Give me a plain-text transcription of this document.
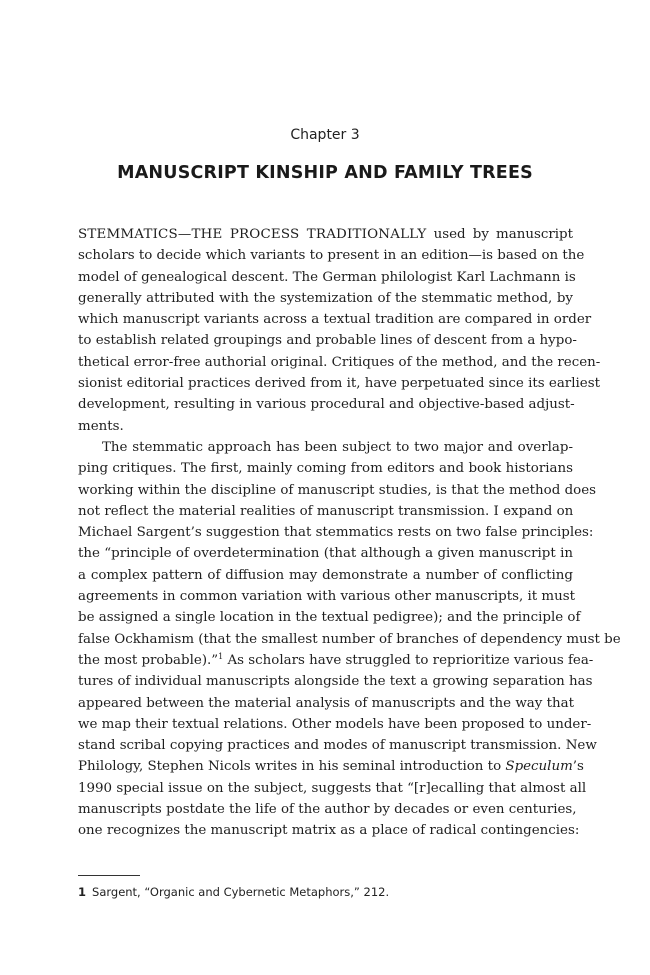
Chapter 3
MANUSCRIPT KINSHIP AND FAMILY TREES
STEMMATICS—THE PROCESS TRADITIONALLY used by manuscript
scholars to decide which variants to present in an edition—is based on the
model of genealogical descent. The German philologist Karl Lachmann is
generally attributed with the systemization of the stemmatic method, by
which manuscript variants across a textual tradition are compared in order
to establish related groupings and probable lines of descent from a hypo-
thetical error-free authorial original. Critiques of the method, and the recen-
sionist editorial practices derived from it, have perpetuated since its earliest
development, resulting in various procedural and objective-based adjust-
ments.
The stemmatic approach has been subject to two major and overlap-
ping critiques. The first, mainly coming from editors and book historians
working within the discipline of manuscript studies, is that the method does
not reflect the material realities of manuscript transmission. I expand on
Michael Sargent’s suggestion that stemmatics rests on two false principles:
the “principle of overdetermination (that although a given manuscript in
a complex pattern of diffusion may demonstrate a number of conflicting
agreements in common variation with various other manuscripts, it must
be assigned a single location in the textual pedigree); and the principle of
false Ockhamism (that the smallest number of branches of dependency must be
the most probable).”$^1$ As scholars have struggled to reprioritize various fea-
tures of individual manuscripts alongside the text a growing separation has
appeared between the material analysis of manuscripts and the way that
we map their textual relations. Other models have been proposed to under-
stand scribal copying practices and modes of manuscript transmission. New
Philology, Stephen Nicols writes in his seminal introduction to Speculum’s
1990 special issue on the subject, suggests that “[r]ecalling that almost all
manuscripts postdate the life of the author by decades or even centuries,
one recognizes the manuscript matrix as a place of radical contingencies:
1 Sargent, “Organic and Cybernetic Metaphors,” 212.
